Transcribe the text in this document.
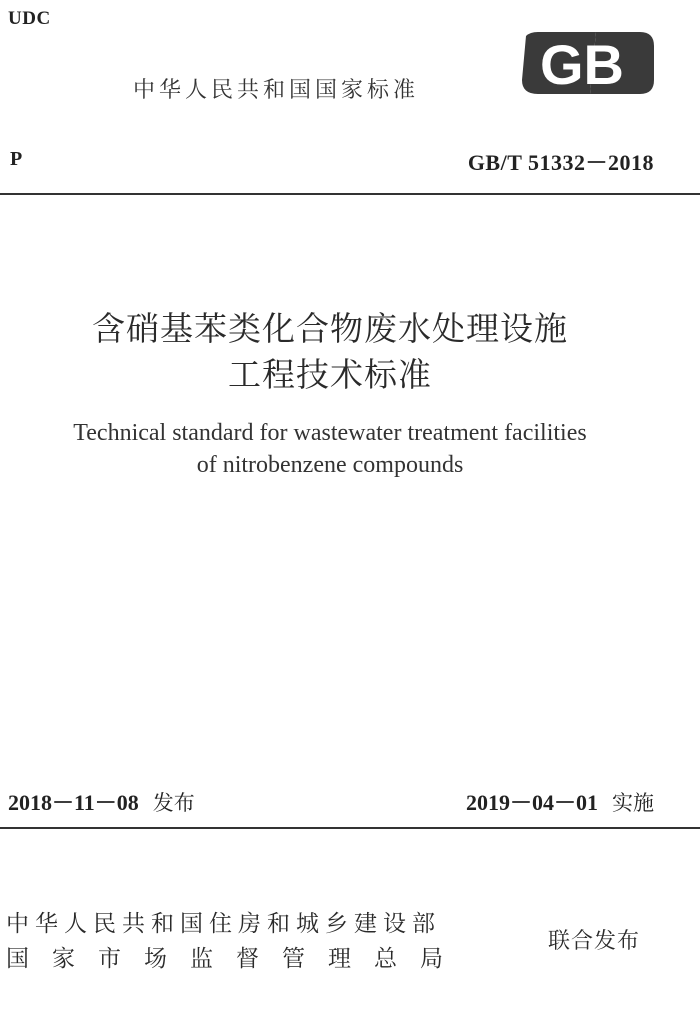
UDC
中华人民共和国国家标准 GB
P	GB/T 51332－2018
含硝基苯类化合物废水处理设施
工程技术标准
Technical standard for wastewater treatment facilities
of nitrobenzene compounds
2018－11－08 发布	2019－04－01 实施
中华人民共和国住房和城乡建设部
国家市场监督管理总局
联合发布
